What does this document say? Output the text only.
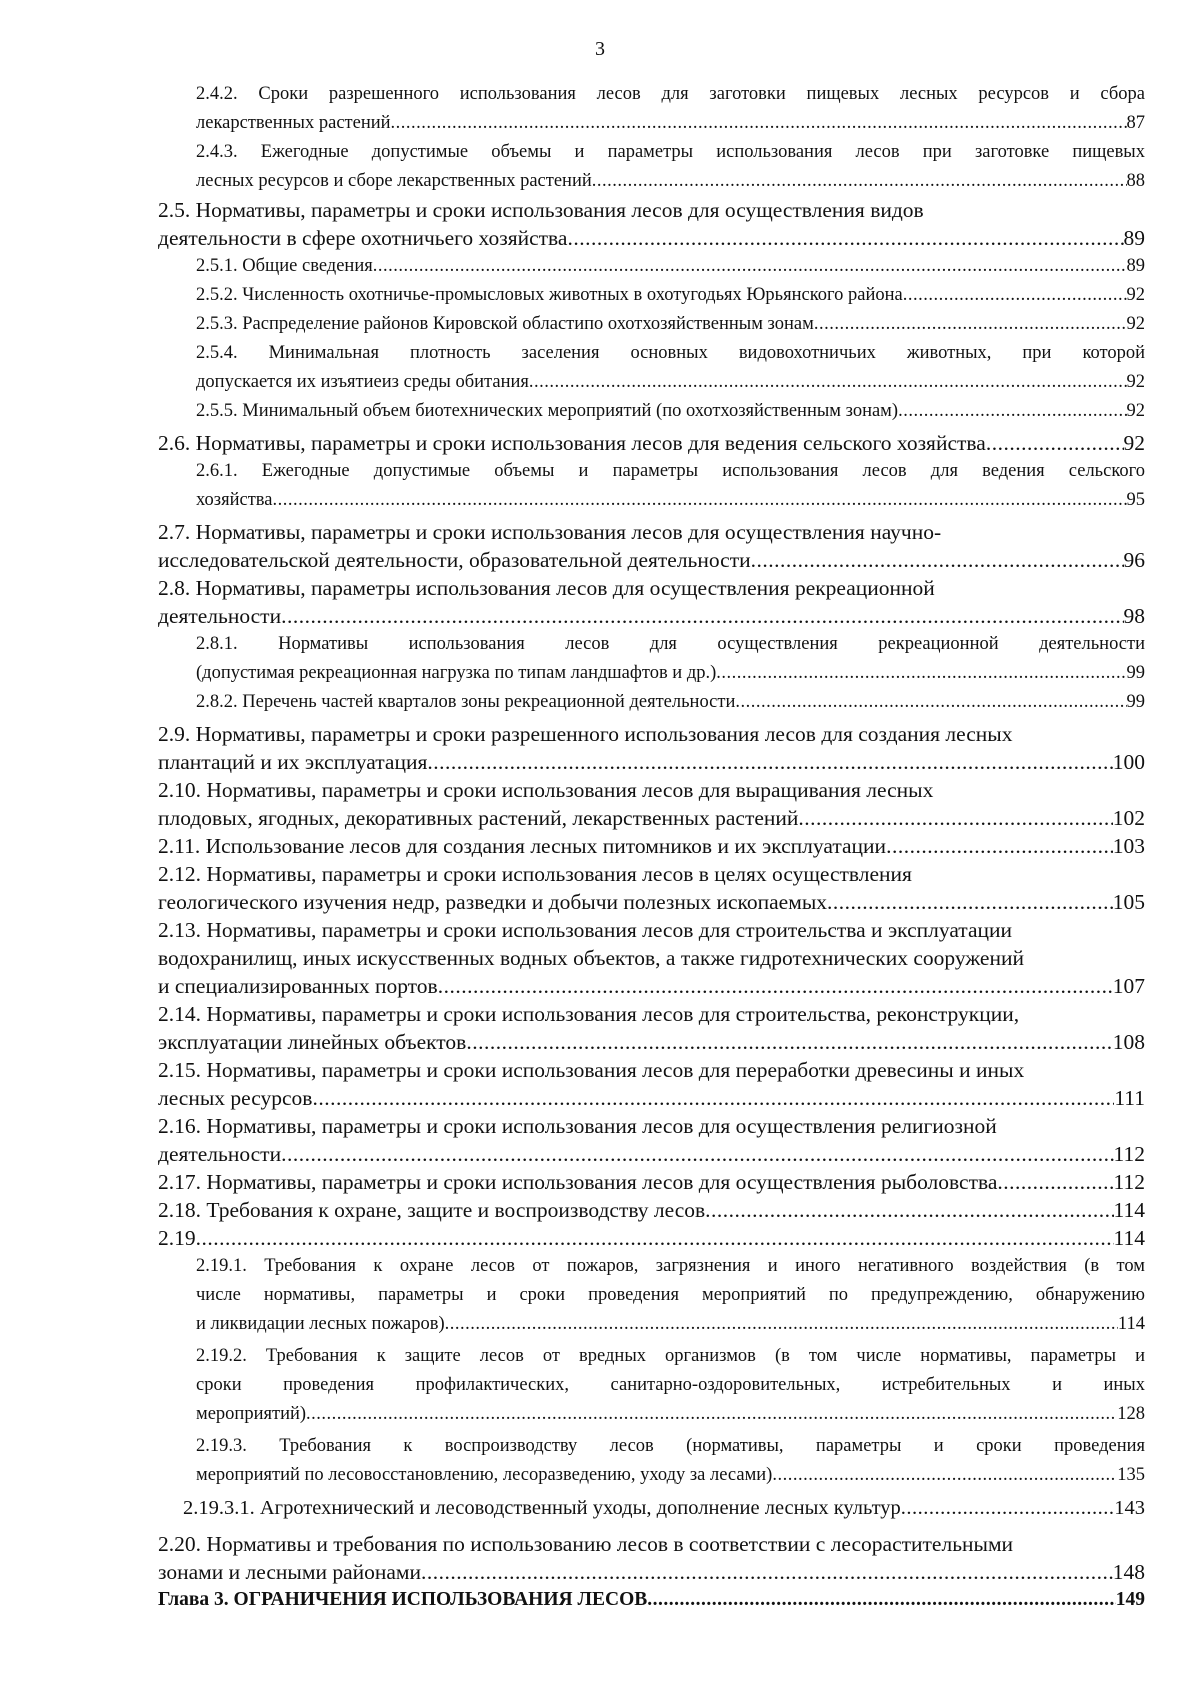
3
2.4.2. Сроки разрешенного использования лесов для заготовки пищевых лесных ресурсов и сбора
лекарственных растений .....	87
2.4.3. Ежегодные допустимые объемы и параметры использования лесов при заготовке пищевых
лесных ресурсов и сборе лекарственных растений .....	88
2.5. Нормативы, параметры и сроки использования лесов для осуществления видов
деятельности в сфере охотничьего хозяйства .....	89
2.5.1. Общие сведения .....	89
2.5.2. Численность охотничье-промысловых животных в охотугодьях Юрьянского района .....	92
2.5.3. Распределение районов Кировской областипо охотхозяйственным зонам .....	92
2.5.4. Минимальная плотность заселения основных видовохотничьих животных, при которой
допускается их изъятиеиз среды обитания .....	92
2.5.5. Минимальный объем биотехнических мероприятий (по охотхозяйственным зонам) .....	92
2.6. Нормативы, параметры и сроки использования лесов для ведения сельского хозяйства .....	92
2.6.1. Ежегодные допустимые объемы и параметры использования лесов для ведения сельского
хозяйства .....	95
2.7. Нормативы, параметры и сроки использования лесов для осуществления научно-
исследовательской деятельности, образовательной деятельности .....	96
2.8. Нормативы, параметры использования лесов для осуществления рекреационной
деятельности .....	98
2.8.1. Нормативы использования лесов для осуществления рекреационной деятельности
(допустимая рекреационная нагрузка по типам ландшафтов и др.) .....	99
2.8.2. Перечень частей кварталов зоны рекреационной деятельности .....	99
2.9. Нормативы, параметры и сроки разрешенного использования лесов для создания лесных
плантаций и их эксплуатация .....	100
2.10. Нормативы, параметры и сроки использования лесов для выращивания лесных
плодовых, ягодных, декоративных растений, лекарственных растений .....	102
2.11. Использование лесов для создания лесных питомников и их эксплуатации .....	103
2.12. Нормативы, параметры и сроки использования лесов в целях осуществления
геологического изучения недр, разведки и добычи полезных ископаемых .....	105
2.13. Нормативы, параметры и сроки использования лесов для строительства и эксплуатации
водохранилищ, иных искусственных водных объектов, а также гидротехнических сооружений
и специализированных портов .....	107
2.14. Нормативы, параметры и сроки использования лесов для строительства, реконструкции,
эксплуатации линейных объектов .....	108
2.15. Нормативы, параметры и сроки использования лесов для переработки древесины и иных
лесных ресурсов .....	111
2.16. Нормативы, параметры и сроки использования лесов для осуществления религиозной
деятельности .....	112
2.17. Нормативы, параметры и сроки использования лесов для осуществления рыболовства .....	112
2.18. Требования к охране, защите и воспроизводству лесов .....	114
2.19 .....	114
2.19.1. Требования к охране лесов от пожаров, загрязнения и иного негативного воздействия (в том
числе нормативы, параметры и сроки проведения мероприятий по предупреждению, обнаружению
и ликвидации лесных пожаров) .....	114
2.19.2. Требования к защите лесов от вредных организмов (в том числе нормативы, параметры и
сроки проведения профилактических, санитарно-оздоровительных, истребительных и иных
мероприятий) .....	128
2.19.3. Требования к воспроизводству лесов (нормативы, параметры и сроки проведения
мероприятий по лесовосстановлению, лесоразведению, уходу за лесами) .....	135
2.19.3.1. Агротехнический и лесоводственный уходы, дополнение лесных культур .....	143
2.20. Нормативы и требования по использованию лесов в соответствии с лесорастительными
зонами и лесными районами .....	148
Глава 3. ОГРАНИЧЕНИЯ ИСПОЛЬЗОВАНИЯ ЛЕСОВ .....	149
